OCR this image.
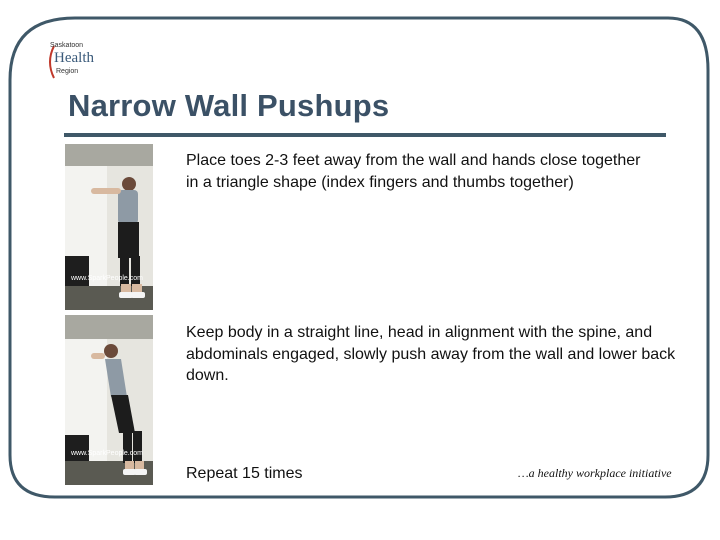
Saskatoon
Health
Region
Narrow Wall Pushups
www.SparkPeople.com
www.SparkPeople.com
Place toes 2-3 feet away from the wall and hands close together in a triangle shape (index fingers and thumbs together)
Keep body in a straight line, head in alignment with the spine, and abdominals engaged, slowly push away from the wall and lower back down.
Repeat 15 times	…a healthy workplace initiative
